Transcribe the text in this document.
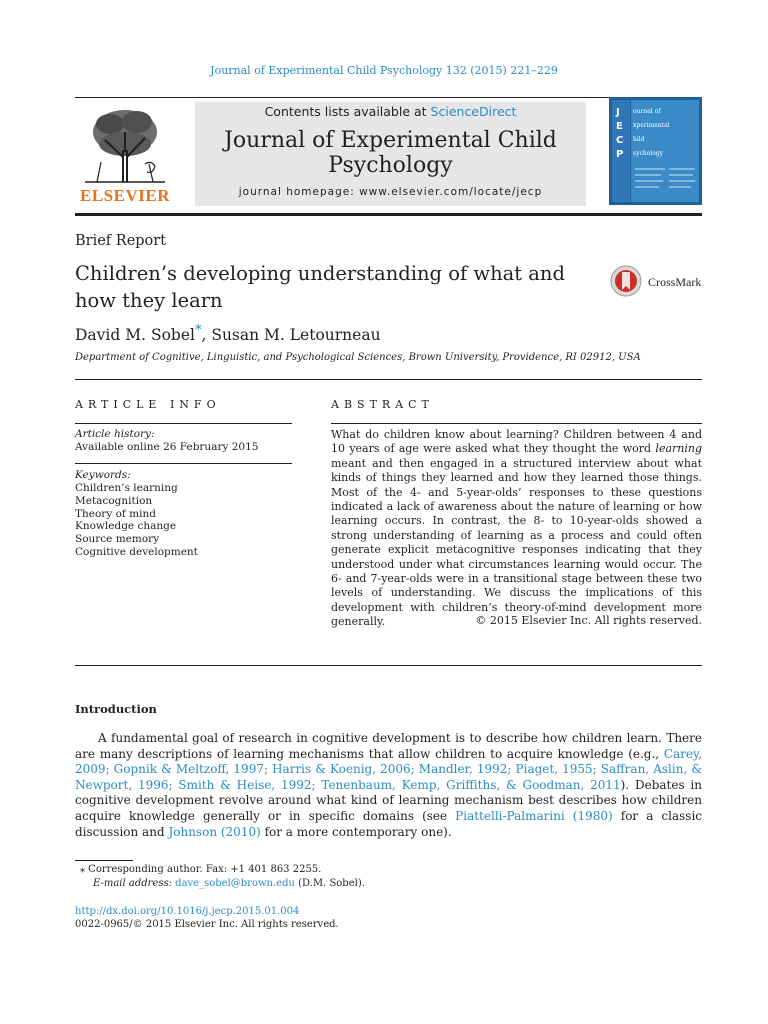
Journal of Experimental Child Psychology 132 (2015) 221–229
ELSEVIER
Contents lists available at ScienceDirect
Journal of Experimental Child
Psychology
journal homepage: www.elsevier.com/locate/jecp
J
E
C
P
ournal of
xperimental
hild
sychology
Brief Report
Children’s developing understanding of what and how they learn
CrossMark
David M. Sobel*, Susan M. Letourneau
Department of Cognitive, Linguistic, and Psychological Sciences, Brown University, Providence, RI 02912, USA
ARTICLE INFO
Article history:
Available online 26 February 2015
Keywords:
Children’s learning
Metacognition
Theory of mind
Knowledge change
Source memory
Cognitive development
ABSTRACT
What do children know about learning? Children between 4 and 10 years of age were asked what they thought the word learning meant and then engaged in a structured interview about what kinds of things they learned and how they learned those things. Most of the 4- and 5-year-olds’ responses to these questions indicated a lack of awareness about the nature of learning or how learning occurs. In contrast, the 8- to 10-year-olds showed a strong understanding of learning as a process and could often generate explicit metacognitive responses indicating that they understood under what circumstances learning would occur. The 6- and 7-year-olds were in a transitional stage between these two levels of understanding. We discuss the implications of this development with children’s theory-of-mind development more generally.	© 2015 Elsevier Inc. All rights reserved.
Introduction
A fundamental goal of research in cognitive development is to describe how children learn. There are many descriptions of learning mechanisms that allow children to acquire knowledge (e.g., Carey, 2009; Gopnik & Meltzoff, 1997; Harris & Koenig, 2006; Mandler, 1992; Piaget, 1955; Saffran, Aslin, & Newport, 1996; Smith & Heise, 1992; Tenenbaum, Kemp, Griffiths, & Goodman, 2011). Debates in cognitive development revolve around what kind of learning mechanism best describes how children acquire knowledge generally or in specific domains (see Piattelli-Palmarini (1980) for a classic discussion and Johnson (2010) for a more contemporary one).
⁎ Corresponding author. Fax: +1 401 863 2255.
E-mail address: dave_sobel@brown.edu (D.M. Sobel).
http://dx.doi.org/10.1016/j.jecp.2015.01.004
0022-0965/© 2015 Elsevier Inc. All rights reserved.
